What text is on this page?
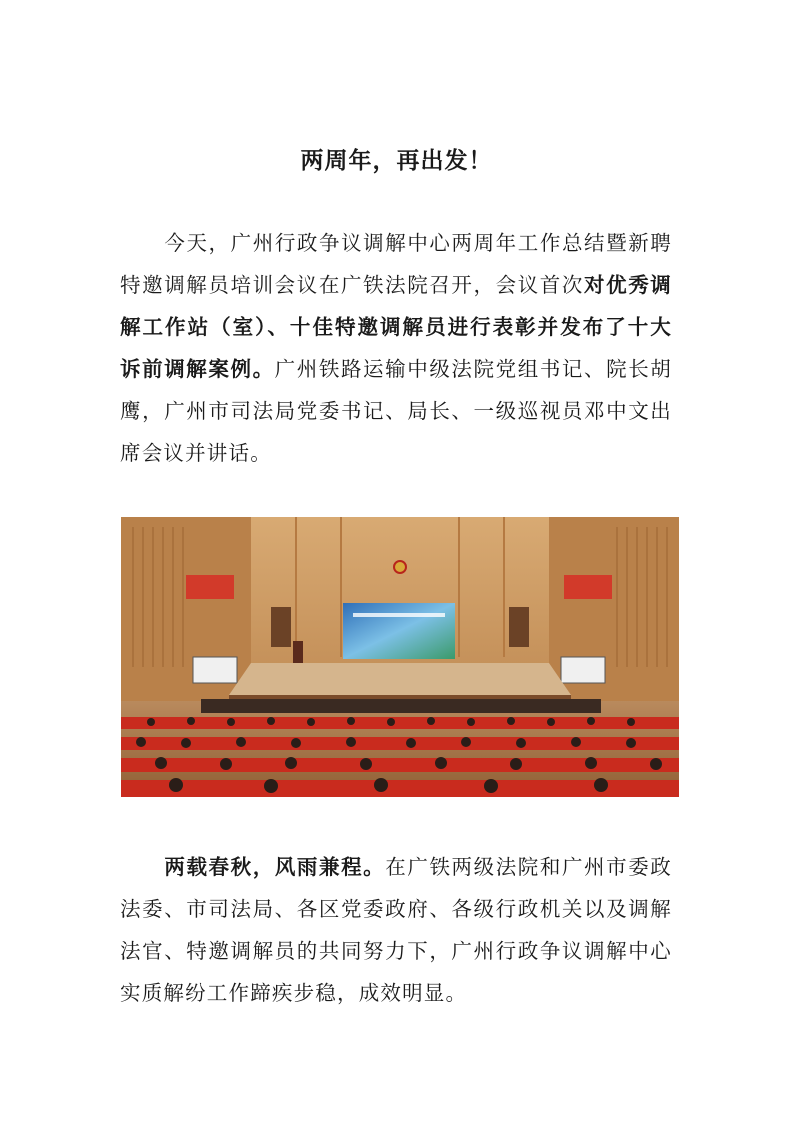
两周年，再出发！

今天，广州行政争议调解中心两周年工作总结暨新聘特邀调解员培训会议在广铁法院召开，会议首次对优秀调解工作站（室）、十佳特邀调解员进行表彰并发布了十大诉前调解案例。广州铁路运输中级法院党组书记、院长胡鹰，广州市司法局党委书记、局长、一级巡视员邓中文出席会议并讲话。

两载春秋，风雨兼程。在广铁两级法院和广州市委政法委、市司法局、各区党委政府、各级行政机关以及调解法官、特邀调解员的共同努力下，广州行政争议调解中心实质解纷工作蹄疾步稳，成效明显。
